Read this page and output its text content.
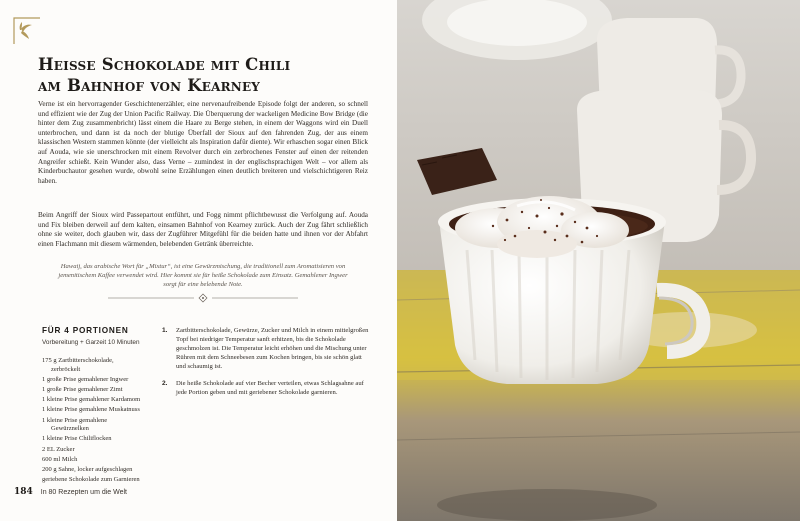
Heisse Schokolade mit Chili
am Bahnhof von Kearney

Verne ist ein hervorragender Geschichtenerzähler, eine nervenaufreibende Episode folgt der anderen, so schnell und effizient wie der Zug der Union Pacific Railway. Die Überquerung der wackeligen Medicine Bow Bridge (die hinter dem Zug zusammenbricht) lässt einem die Haare zu Berge stehen, in einem der Waggons wird ein Duell unterbrochen, und dann ist da noch der blutige Überfall der Sioux auf den fahrenden Zug, der aus einem klassischen Western stammen könnte (der vielleicht als Inspiration dafür diente). Wir erhaschen sogar einen Blick auf Aouda, wie sie unerschrocken mit einem Revolver durch ein zerbrochenes Fenster auf einen der reitenden Angreifer schießt. Kein Wunder also, dass Verne – zumindest in der englischsprachigen Welt – vor allem als Kinderbuchautor gesehen wurde, obwohl seine Erzählungen einen deutlich breiteren und vielschichtigeren Reiz haben.

Beim Angriff der Sioux wird Passepartout entführt, und Fogg nimmt pflichtbewusst die Verfolgung auf. Aouda und Fix bleiben derweil auf dem kalten, einsamen Bahnhof von Kearney zurück. Auch der Zug fährt schließlich ohne sie weiter, doch glauben wir, dass der Zugführer Mitgefühl für die beiden hatte und ihnen vor der Abfahrt einen Flachmann mit diesem wärmenden, belebenden Getränk überreichte.

Hawaij, das arabische Wort für „Mixtur“, ist eine Gewürzmischung, die traditionell zum Aromatisieren von jemenitischem Kaffee verwendet wird. Hier kommt sie für heiße Schokolade zum Einsatz. Gemahlener Ingwer sorgt für eine belebende Note.

FÜR 4 PORTIONEN

Vorbereitung + Garzeit 10 Minuten

175 g Zartbitterschokolade,
zerbröckelt
1 große Prise gemahlener Ingwer
1 große Prise gemahlener Zimt
1 kleine Prise gemahlener Kardamom
1 kleine Prise gemahlene Muskatnuss
1 kleine Prise gemahlene
Gewürznelken
1 kleine Prise Chiliflocken
2 EL Zucker
600 ml Milch
200 g Sahne, locker aufgeschlagen
geriebene Schokolade zum Garnieren
1. Zartbitterschokolade, Gewürze, Zucker und Milch in einem mittelgroßen Topf bei niedriger Temperatur sanft erhitzen, bis die Schokolade geschmolzen ist. Die Temperatur leicht erhöhen und die Mischung unter Rühren mit dem Schneebesen zum Kochen bringen, bis sie schön glatt und schaumig ist.
2. Die heiße Schokolade auf vier Becher verteilen, etwas Schlagsahne auf jede Portion geben und mit geriebener Schokolade garnieren.

184 In 80 Rezepten um die Welt
